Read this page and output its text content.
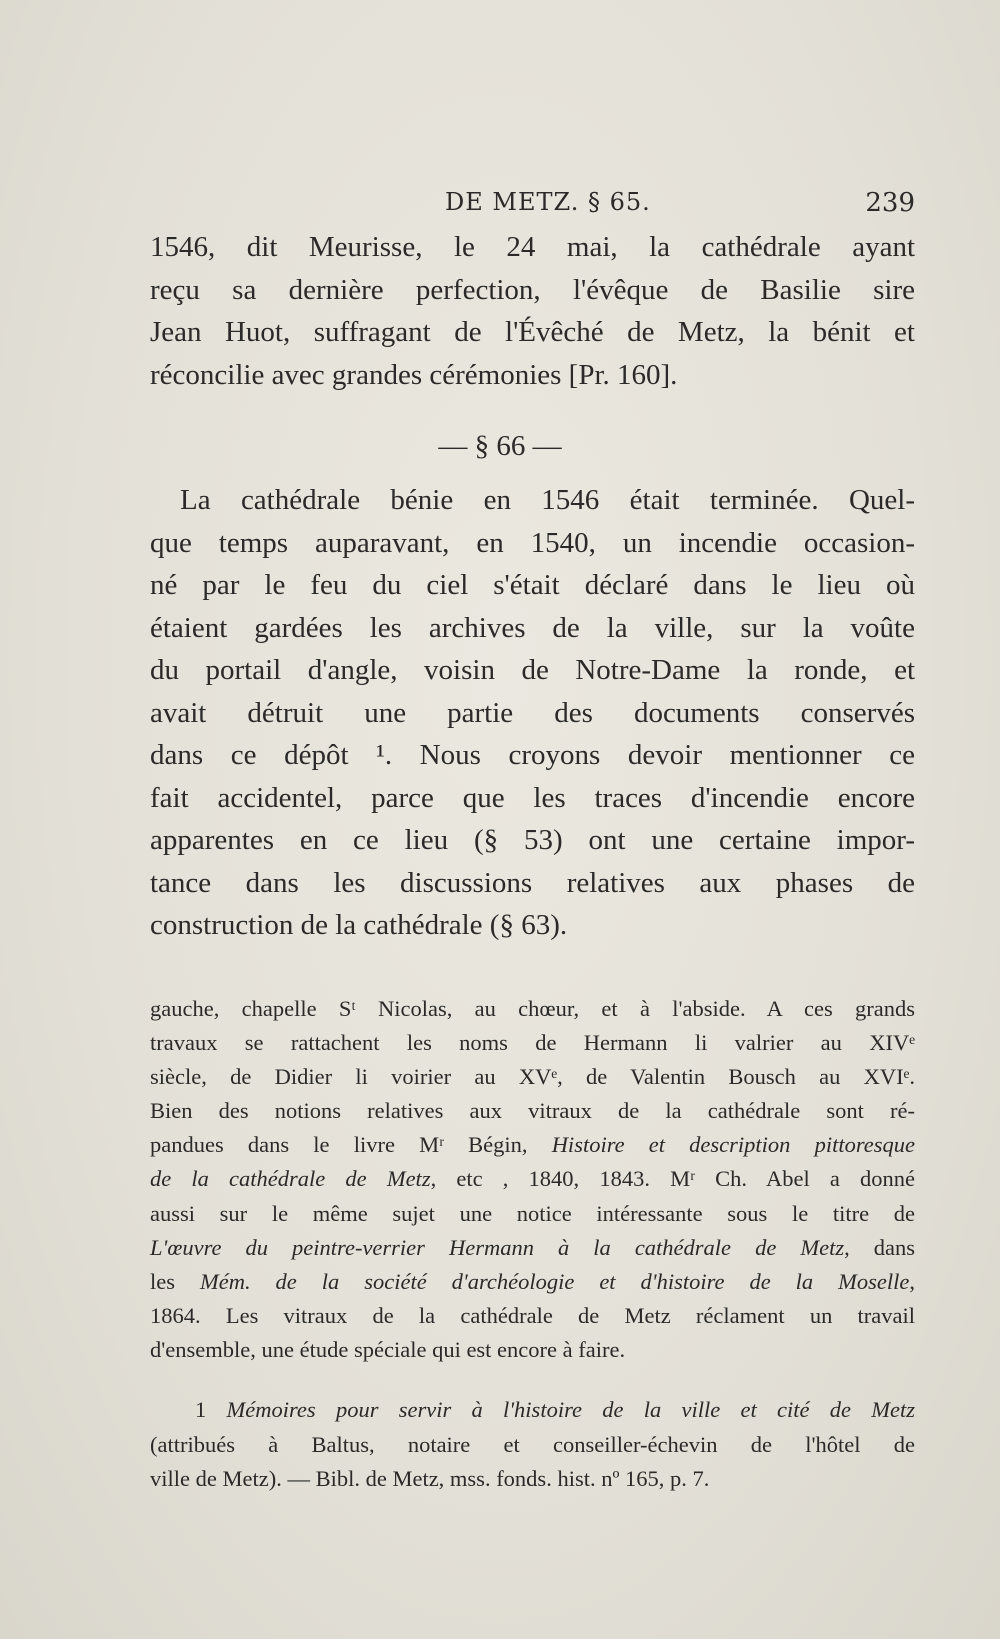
DE METZ. § 65.	239
1546, dit Meurisse, le 24 mai, la cathédrale ayant
reçu sa dernière perfection, l'évêque de Basilie sire
Jean Huot, suffragant de l'Évêché de Metz, la bénit et
réconcilie avec grandes cérémonies [Pr. 160].
— § 66 —
La cathédrale bénie en 1546 était terminée. Quel-
que temps auparavant, en 1540, un incendie occasion-
né par le feu du ciel s'était déclaré dans le lieu où
étaient gardées les archives de la ville, sur la voûte
du portail d'angle, voisin de Notre-Dame la ronde, et
avait détruit une partie des documents conservés
dans ce dépôt ¹. Nous croyons devoir mentionner ce
fait accidentel, parce que les traces d'incendie encore
apparentes en ce lieu (§ 53) ont une certaine impor-
tance dans les discussions relatives aux phases de
construction de la cathédrale (§ 63).
gauche, chapelle Sᵗ Nicolas, au chœur, et à l'abside. A ces grands
travaux se rattachent les noms de Hermann li valrier au XIVᵉ
siècle, de Didier li voirier au XVᵉ, de Valentin Bousch au XVIᵉ.
Bien des notions relatives aux vitraux de la cathédrale sont ré-
pandues dans le livre Mʳ Bégin, Histoire et description pittoresque
de la cathédrale de Metz, etc , 1840, 1843. Mʳ Ch. Abel a donné
aussi sur le même sujet une notice intéressante sous le titre de
L'œuvre du peintre-verrier Hermann à la cathédrale de Metz, dans
les Mém. de la société d'archéologie et d'histoire de la Moselle,
1864. Les vitraux de la cathédrale de Metz réclament un travail
d'ensemble, une étude spéciale qui est encore à faire.
1 Mémoires pour servir à l'histoire de la ville et cité de Metz
(attribués à Baltus, notaire et conseiller-échevin de l'hôtel de
ville de Metz). — Bibl. de Metz, mss. fonds. hist. nº 165, p. 7.
